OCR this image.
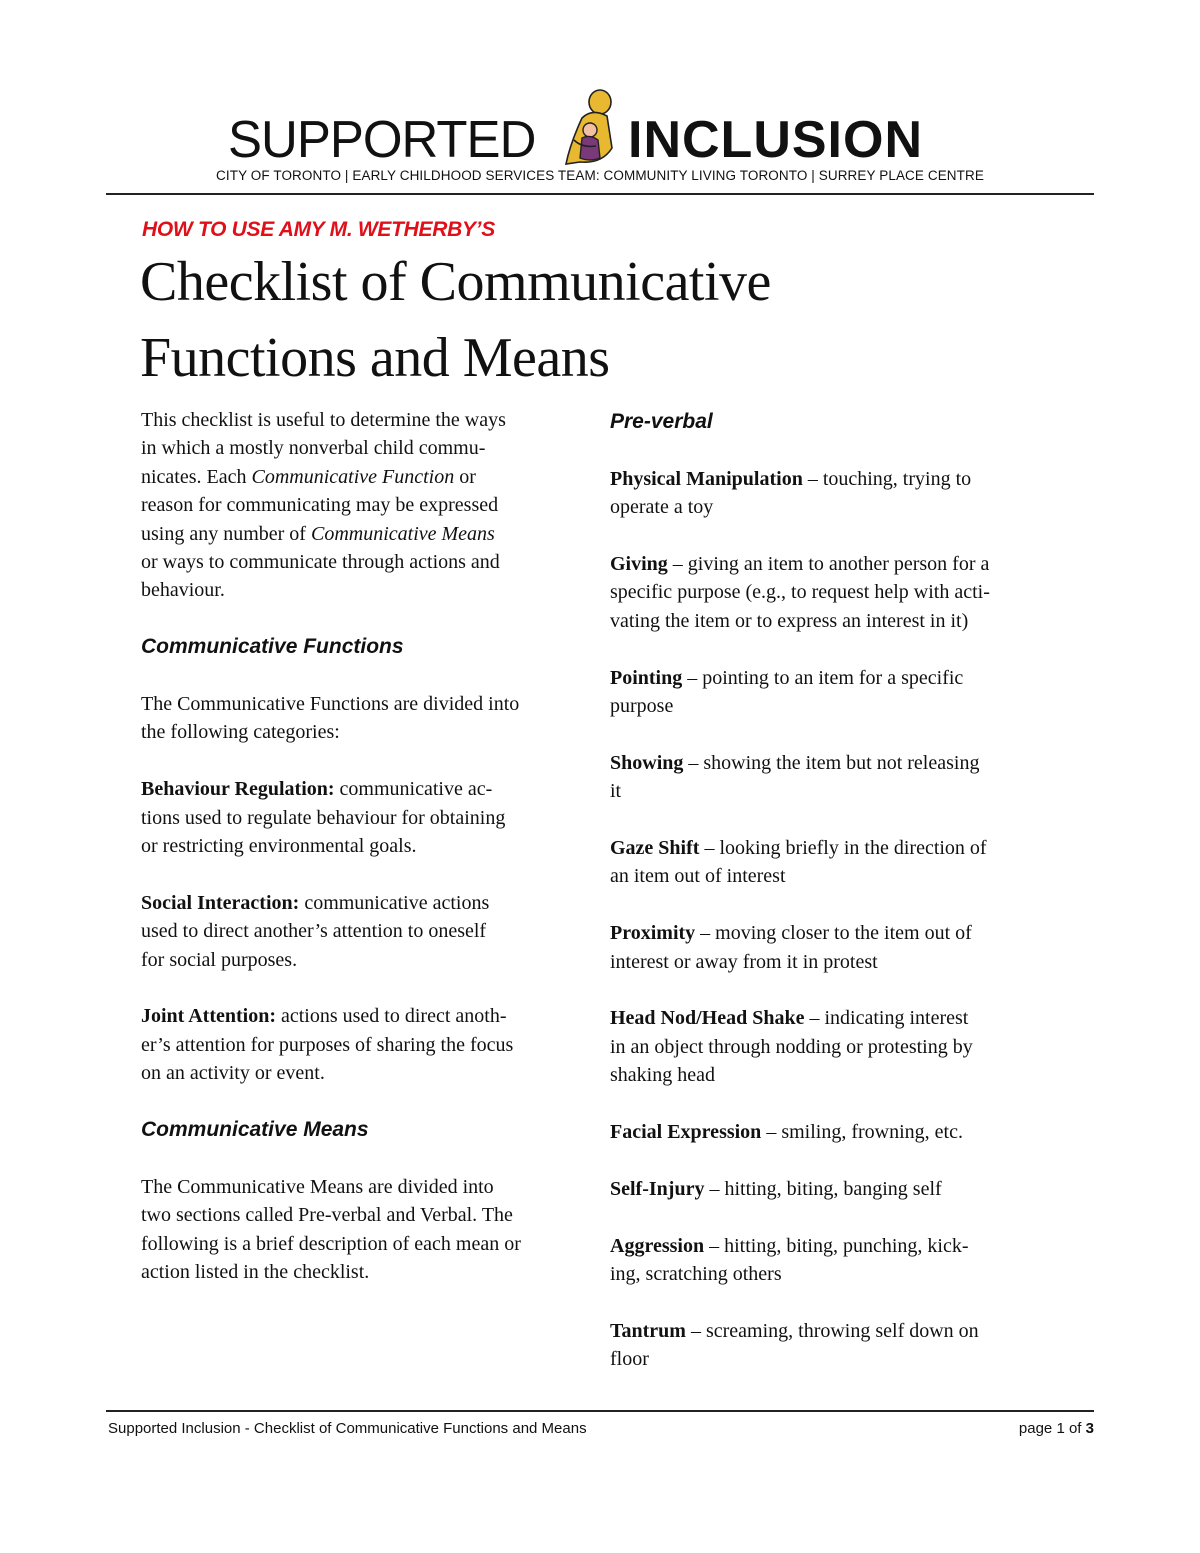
SUPPORTED INCLUSION
CITY OF TORONTO | EARLY CHILDHOOD SERVICES TEAM: COMMUNITY LIVING TORONTO | SURREY PLACE CENTRE
HOW TO USE AMY M. WETHERBY’S
Checklist of Communicative
Functions and Means

This checklist is useful to determine the ways
in which a mostly nonverbal child commu-
nicates. Each Communicative Function or
reason for communicating may be expressed
using any number of Communicative Means
or ways to communicate through actions and
behaviour.

Communicative Functions

The Communicative Functions are divided into
the following categories:

Behaviour Regulation: communicative ac-
tions used to regulate behaviour for obtaining
or restricting environmental goals.

Social Interaction: communicative actions
used to direct another’s attention to oneself
for social purposes.

Joint Attention: actions used to direct anoth-
er’s attention for purposes of sharing the focus
on an activity or event.

Communicative Means

The Communicative Means are divided into
two sections called Pre-verbal and Verbal. The
following is a brief description of each mean or
action listed in the checklist.

Pre-verbal

Physical Manipulation – touching, trying to
operate a toy

Giving – giving an item to another person for a
specific purpose (e.g., to request help with acti-
vating the item or to express an interest in it)

Pointing – pointing to an item for a specific
purpose

Showing – showing the item but not releasing
it

Gaze Shift – looking briefly in the direction of
an item out of interest

Proximity – moving closer to the item out of
interest or away from it in protest

Head Nod/Head Shake – indicating interest
in an object through nodding or protesting by
shaking head

Facial Expression – smiling, frowning, etc.

Self-Injury – hitting, biting, banging self

Aggression – hitting, biting, punching, kick-
ing, scratching others

Tantrum – screaming, throwing self down on
floor

Supported Inclusion - Checklist of Communicative Functions and Means	page 1 of 3
